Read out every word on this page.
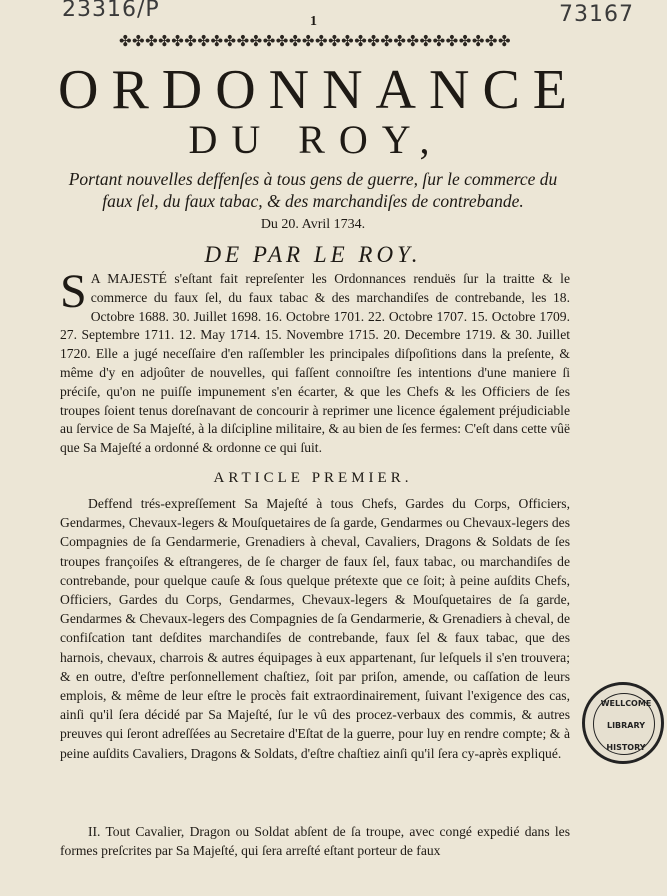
23316/P	73167
1
✤✤✤✤✤✤✤✤✤✤✤✤✤✤✤✤✤✤✤✤✤✤✤✤✤✤✤✤✤✤
ORDONNANCE
DU ROY,
Portant nouvelles deffenſes à tous gens de guerre, ſur le commerce du faux ſel, du faux tabac, & des marchandiſes de contrebande.
Du 20. Avril 1734.
DE PAR LE ROY.
S A MAJESTÉ s'eſtant fait repreſenter les Ordonnances renduës ſur la traitte & le commerce du faux ſel, du faux tabac & des marchandiſes de contrebande, les 18. Octobre 1688. 30. Juillet 1698. 16. Octobre 1701. 22. Octobre 1707. 15. Octobre 1709. 27. Septembre 1711. 12. May 1714. 15. Novembre 1715. 20. Decembre 1719. & 30. Juillet 1720. Elle a jugé neceſſaire d'en raſſembler les principales diſpoſitions dans la preſente, & même d'y en adjoûter de nouvelles, qui faſſent connoiſtre ſes intentions d'une maniere ſi préciſe, qu'on ne puiſſe impunement s'en écarter, & que les Chefs & les Officiers de ſes troupes ſoient tenus doreſnavant de concourir à reprimer une licence également préjudiciable au ſervice de Sa Majeſté, à la diſcipline militaire, & au bien de ſes fermes: C'eſt dans cette vûë que Sa Majeſté a ordonné & ordonne ce qui ſuit.
ARTICLE PREMIER.
Deffend trés-expreſſement Sa Majeſté à tous Chefs, Gardes du Corps, Officiers, Gendarmes, Chevaux-legers & Mouſquetaires de ſa garde, Gendarmes ou Chevaux-legers des Compagnies de ſa Gendarmerie, Grenadiers à cheval, Cavaliers, Dragons & Soldats de ſes troupes françoiſes & eſtrangeres, de ſe charger de faux ſel, faux tabac, ou marchandiſes de contrebande, pour quelque cauſe & ſous quelque prétexte que ce ſoit; à peine auſdits Chefs, Officiers, Gardes du Corps, Gendarmes, Chevaux-legers & Mouſquetaires de ſa garde, Gendarmes & Chevaux-legers des Compagnies de ſa Gendarmerie, & Grenadiers à cheval, de confiſcation tant deſdites marchandiſes de contrebande, faux ſel & faux tabac, que des harnois, chevaux, charrois & autres équipages à eux appartenant, ſur leſquels il s'en trouvera; & en outre, d'eſtre perſonnellement chaſtiez, ſoit par priſon, amende, ou caſſation de leurs emplois, & même de leur eſtre le procès fait extraordinairement, ſuivant l'exigence des cas, ainſi qu'il ſera décidé par Sa Majeſté, ſur le vû des procez-verbaux des commis, & autres preuves qui ſeront adreſſées au Secretaire d'Eſtat de la guerre, pour luy en rendre compte; & à peine auſdits Cavaliers, Dragons & Soldats, d'eſtre chaſtiez ainſi qu'il ſera cy-après expliqué.
II. Tout Cavalier, Dragon ou Soldat abſent de ſa troupe, avec congé expedié dans les formes preſcrites par Sa Majeſté, qui ſera arreſté eſtant porteur de faux
WELLCOME
LIBRARY
HISTORY
